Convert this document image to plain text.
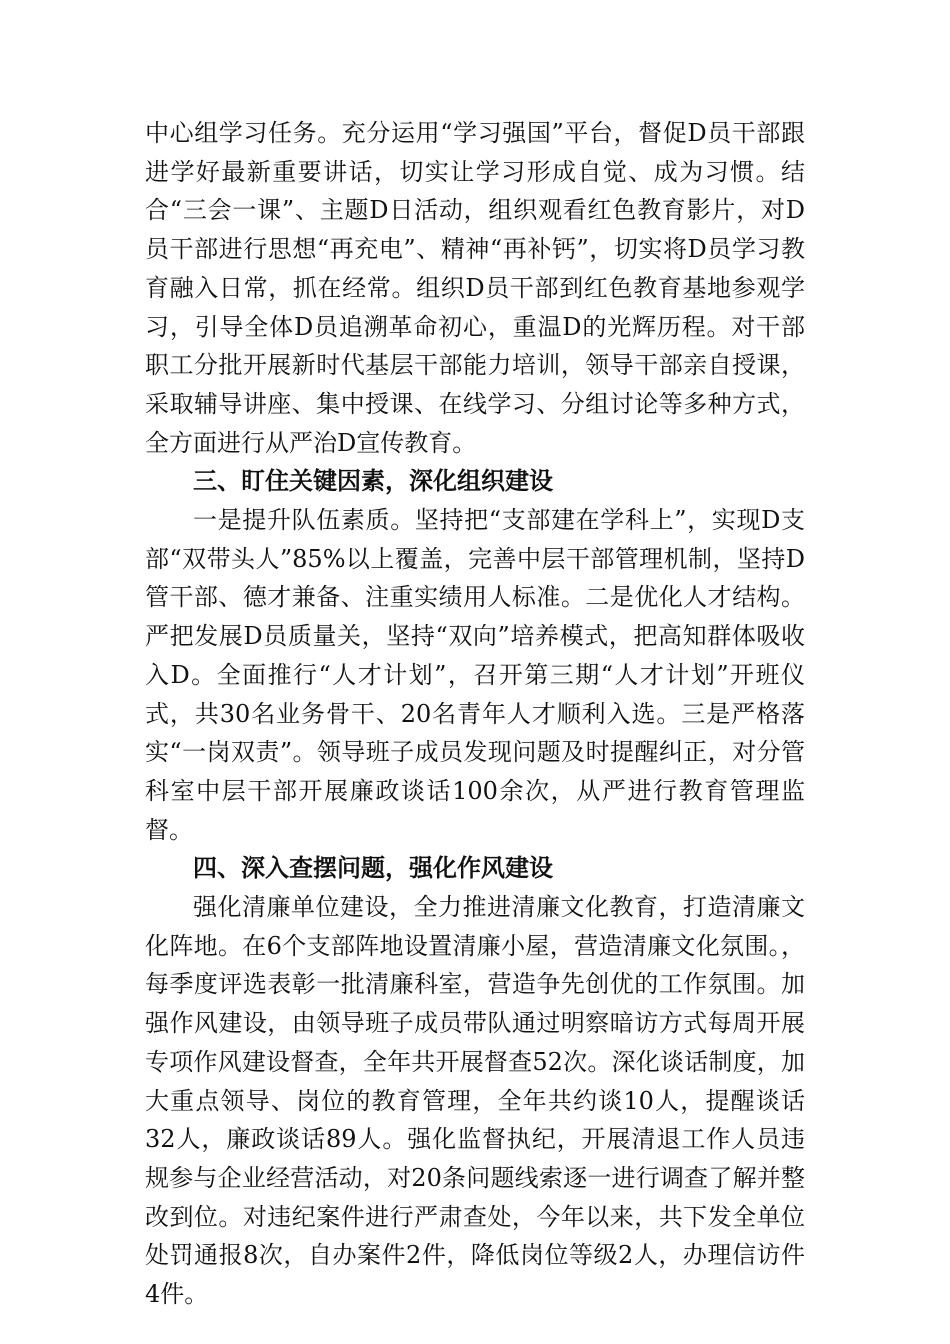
中心组学习任务。充分运用“学习强国”平台，督促D员干部跟进学好最新重要讲话，切实让学习形成自觉、成为习惯。结合“三会一课”、主题D日活动，组织观看红色教育影片，对D员干部进行思想“再充电”、精神“再补钙”，切实将D员学习教育融入日常，抓在经常。组织D员干部到红色教育基地参观学习，引导全体D员追溯革命初心，重温D的光辉历程。对干部职工分批开展新时代基层干部能力培训，领导干部亲自授课，采取辅导讲座、集中授课、在线学习、分组讨论等多种方式，全方面进行从严治D宣传教育。

三、盯住关键因素，深化组织建设

一是提升队伍素质。坚持把“支部建在学科上”，实现D支部“双带头人”85%以上覆盖，完善中层干部管理机制，坚持D管干部、德才兼备、注重实绩用人标准。二是优化人才结构。严把发展D员质量关，坚持“双向”培养模式，把高知群体吸收入D。全面推行“人才计划”，召开第三期“人才计划”开班仪式，共30名业务骨干、20名青年人才顺利入选。三是严格落实“一岗双责”。领导班子成员发现问题及时提醒纠正，对分管科室中层干部开展廉政谈话100余次，从严进行教育管理监督。

四、深入查摆问题，强化作风建设

强化清廉单位建设，全力推进清廉文化教育，打造清廉文化阵地。在6个支部阵地设置清廉小屋，营造清廉文化氛围。，每季度评选表彰一批清廉科室，营造争先创优的工作氛围。加强作风建设，由领导班子成员带队通过明察暗访方式每周开展专项作风建设督查，全年共开展督查52次。深化谈话制度，加大重点领导、岗位的教育管理，全年共约谈10人，提醒谈话32人，廉政谈话89人。强化监督执纪，开展清退工作人员违规参与企业经营活动，对20条问题线索逐一进行调查了解并整改到位。对违纪案件进行严肃查处，今年以来，共下发全单位处罚通报8次，自办案件2件，降低岗位等级2人，办理信访件4件。
